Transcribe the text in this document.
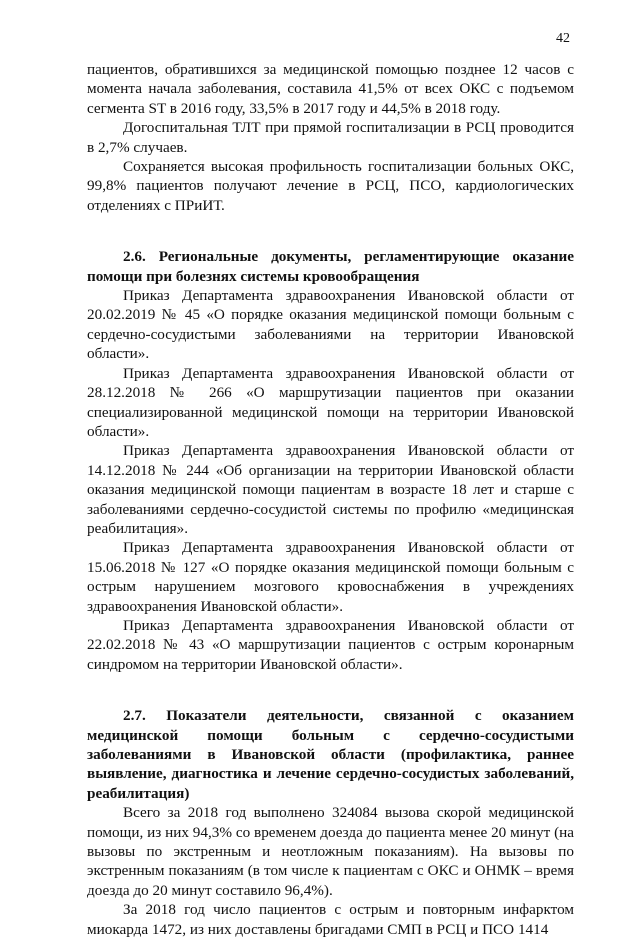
42

пациентов, обратившихся за медицинской помощью позднее 12 часов с момента начала заболевания, составила 41,5% от всех ОКС с подъемом сегмента ST в 2016 году, 33,5% в 2017 году и 44,5% в 2018 году.

Догоспитальная ТЛТ при прямой госпитализации в РСЦ проводится в 2,7% случаев.

Сохраняется высокая профильность госпитализации больных ОКС, 99,8% пациентов получают лечение в РСЦ, ПСО, кардиологических отделениях с ПРиИТ.

2.6. Региональные документы, регламентирующие оказание помощи при болезнях системы кровообращения

Приказ Департамента здравоохранения Ивановской области от 20.02.2019 № 45 «О порядке оказания медицинской помощи больным с сердечно-сосудистыми заболеваниями на территории Ивановской области».

Приказ Департамента здравоохранения Ивановской области от 28.12.2018 № 266 «О маршрутизации пациентов при оказании специализированной медицинской помощи на территории Ивановской области».

Приказ Департамента здравоохранения Ивановской области от 14.12.2018 № 244 «Об организации на территории Ивановской области оказания медицинской помощи пациентам в возрасте 18 лет и старше с заболеваниями сердечно-сосудистой системы по профилю «медицинская реабилитация».

Приказ Департамента здравоохранения Ивановской области от 15.06.2018 № 127 «О порядке оказания медицинской помощи больным с острым нарушением мозгового кровоснабжения в учреждениях здравоохранения Ивановской области».

Приказ Департамента здравоохранения Ивановской области от 22.02.2018 № 43 «О маршрутизации пациентов с острым коронарным синдромом на территории Ивановской области».

2.7. Показатели деятельности, связанной с оказанием медицинской помощи больным с сердечно-сосудистыми заболеваниями в Ивановской области (профилактика, раннее выявление, диагностика и лечение сердечно-сосудистых заболеваний, реабилитация)

Всего за 2018 год выполнено 324084 вызова скорой медицинской помощи, из них 94,3% со временем доезда до пациента менее 20 минут (на вызовы по экстренным и неотложным показаниям). На вызовы по экстренным показаниям (в том числе к пациентам с ОКС и ОНМК – время доезда до 20 минут составило 96,4%).

За 2018 год число пациентов с острым и повторным инфарктом миокарда 1472, из них доставлены бригадами СМП в РСЦ и ПСО 1414
